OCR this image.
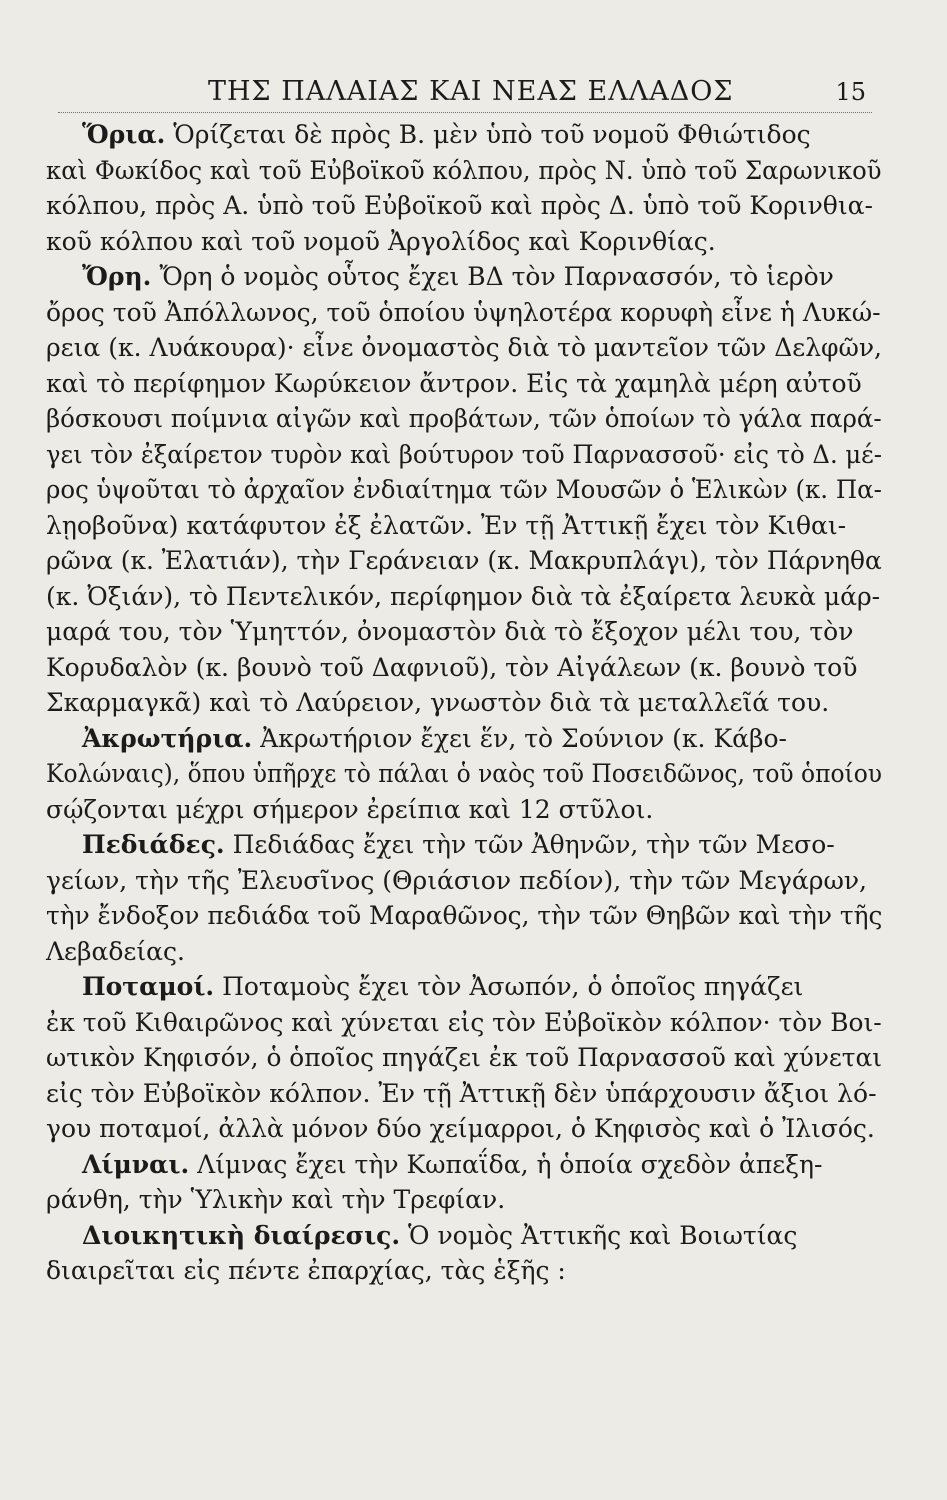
ΤΗΣ ΠΑΛΑΙΑΣ ΚΑΙ ΝΕΑΣ ΕΛΛΑΔΟΣ	15
Ὅρια. Ὁρίζεται δὲ πρὸς Β. μὲν ὑπὸ τοῦ νομοῦ Φθιώτιδος
καὶ Φωκίδος καὶ τοῦ Εὐβοϊκοῦ κόλπου, πρὸς Ν. ὑπὸ τοῦ Σαρωνικοῦ
κόλπου, πρὸς Α. ὑπὸ τοῦ Εὐβοϊκοῦ καὶ πρὸς Δ. ὑπὸ τοῦ Κορινθια-
κοῦ κόλπου καὶ τοῦ νομοῦ Ἀργολίδος καὶ Κορινθίας.
Ὄρη. Ὄρη ὁ νομὸς οὗτος ἔχει ΒΔ τὸν Παρνασσόν, τὸ ἱερὸν
ὄρος τοῦ Ἀπόλλωνος, τοῦ ὁποίου ὑψηλοτέρα κορυφὴ εἶνε ἡ Λυκώ-
ρεια (κ. Λυάκουρα)· εἶνε ὀνομαστὸς διὰ τὸ μαντεῖον τῶν Δελφῶν,
καὶ τὸ περίφημον Κωρύκειον ἄντρον. Εἰς τὰ χαμηλὰ μέρη αὐτοῦ
βόσκουσι ποίμνια αἰγῶν καὶ προβάτων, τῶν ὁποίων τὸ γάλα παρά-
γει τὸν ἐξαίρετον τυρὸν καὶ βούτυρον τοῦ Παρνασσοῦ· εἰς τὸ Δ. μέ-
ρος ὑψοῦται τὸ ἀρχαῖον ἐνδιαίτημα τῶν Μουσῶν ὁ Ἑλικὼν (κ. Πα-
λῃοβοῦνα) κατάφυτον ἐξ ἐλατῶν. Ἐν τῇ Ἀττικῇ ἔχει τὸν Κιθαι-
ρῶνα (κ. Ἐλατιάν), τὴν Γεράνειαν (κ. Μακρυπλάγι), τὸν Πάρνηθα
(κ. Ὀξιάν), τὸ Πεντελικόν, περίφημον διὰ τὰ ἐξαίρετα λευκὰ μάρ-
μαρά του, τὸν Ὑμηττόν, ὀνομαστὸν διὰ τὸ ἔξοχον μέλι του, τὸν
Κορυδαλὸν (κ. βουνὸ τοῦ Δαφνιοῦ), τὸν Αἰγάλεων (κ. βουνὸ τοῦ
Σκαρμαγκᾶ) καὶ τὸ Λαύρειον, γνωστὸν διὰ τὰ μεταλλεῖά του.
Ἀκρωτήρια. Ἀκρωτήριον ἔχει ἕν, τὸ Σούνιον (κ. Κάβο-
Κολώναις), ὅπου ὑπῆρχε τὸ πάλαι ὁ ναὸς τοῦ Ποσειδῶνος, τοῦ ὁποίου
σῴζονται μέχρι σήμερον ἐρείπια καὶ 12 στῦλοι.
Πεδιάδες. Πεδιάδας ἔχει τὴν τῶν Ἀθηνῶν, τὴν τῶν Μεσο-
γείων, τὴν τῆς Ἐλευσῖνος (Θριάσιον πεδίον), τὴν τῶν Μεγάρων,
τὴν ἔνδοξον πεδιάδα τοῦ Μαραθῶνος, τὴν τῶν Θηβῶν καὶ τὴν τῆς
Λεβαδείας.
Ποταμοί. Ποταμοὺς ἔχει τὸν Ἀσωπόν, ὁ ὁποῖος πηγάζει
ἐκ τοῦ Κιθαιρῶνος καὶ χύνεται εἰς τὸν Εὐβοϊκὸν κόλπον· τὸν Βοι-
ωτικὸν Κηφισόν, ὁ ὁποῖος πηγάζει ἐκ τοῦ Παρνασσοῦ καὶ χύνεται
εἰς τὸν Εὐβοϊκὸν κόλπον. Ἐν τῇ Ἀττικῇ δὲν ὑπάρχουσιν ἄξιοι λό-
γου ποταμοί, ἀλλὰ μόνον δύο χείμαρροι, ὁ Κηφισὸς καὶ ὁ Ἰλισός.
Λίμναι. Λίμνας ἔχει τὴν Κωπαΐδα, ἡ ὁποία σχεδὸν ἀπεξη-
ράνθη, τὴν Ὑλικὴν καὶ τὴν Τρεφίαν.
Διοικητικὴ διαίρεσις. Ὁ νομὸς Ἀττικῆς καὶ Βοιωτίας
διαιρεῖται εἰς πέντε ἐπαρχίας, τὰς ἑξῆς :
